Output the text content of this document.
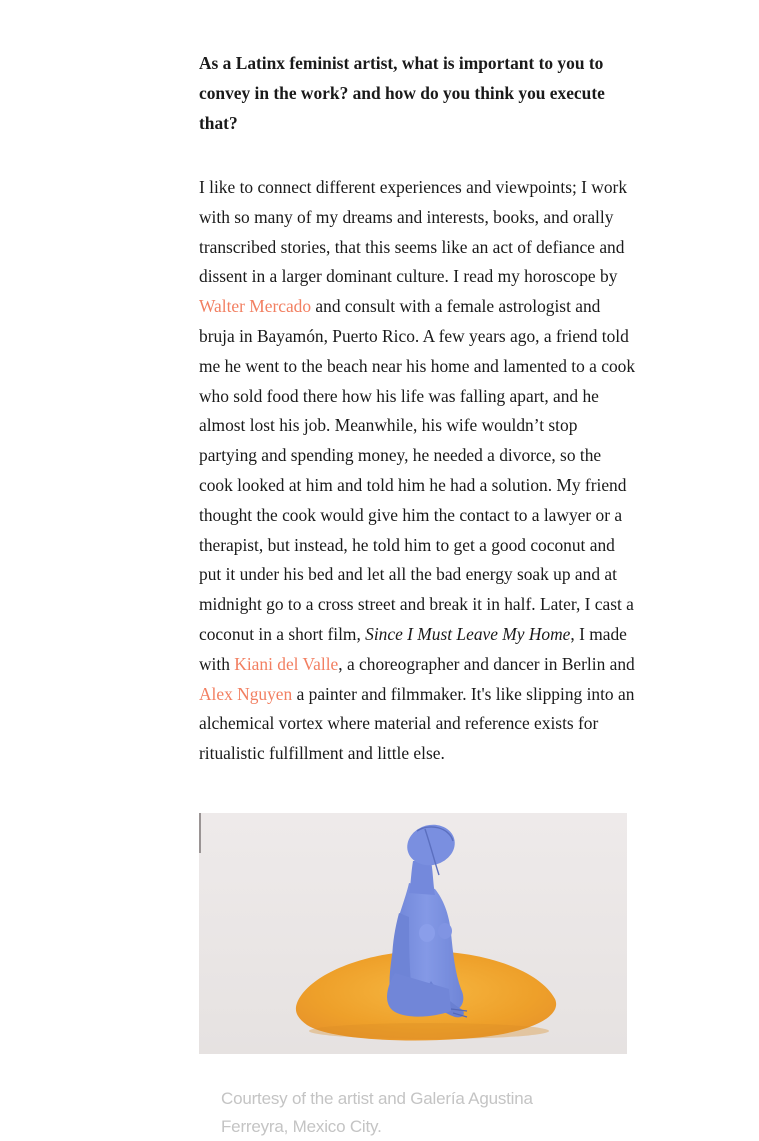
As a Latinx feminist artist, what is important to you to convey in the work? and how do you think you execute that?

I like to connect different experiences and viewpoints; I work with so many of my dreams and interests, books, and orally transcribed stories, that this seems like an act of defiance and dissent in a larger dominant culture. I read my horoscope by Walter Mercado and consult with a female astrologist and bruja in Bayamón, Puerto Rico. A few years ago, a friend told me he went to the beach near his home and lamented to a cook who sold food there how his life was falling apart, and he almost lost his job. Meanwhile, his wife wouldn’t stop partying and spending money, he needed a divorce, so the cook looked at him and told him he had a solution. My friend thought the cook would give him the contact to a lawyer or a therapist, but instead, he told him to get a good coconut and put it under his bed and let all the bad energy soak up and at midnight go to a cross street and break it in half. Later, I cast a coconut in a short film, Since I Must Leave My Home, I made with Kiani del Valle, a choreographer and dancer in Berlin and Alex Nguyen a painter and filmmaker. It's like slipping into an alchemical vortex where material and reference exists for ritualistic fulfillment and little else.

Courtesy of the artist and Galería Agustina Ferreyra, Mexico City.
